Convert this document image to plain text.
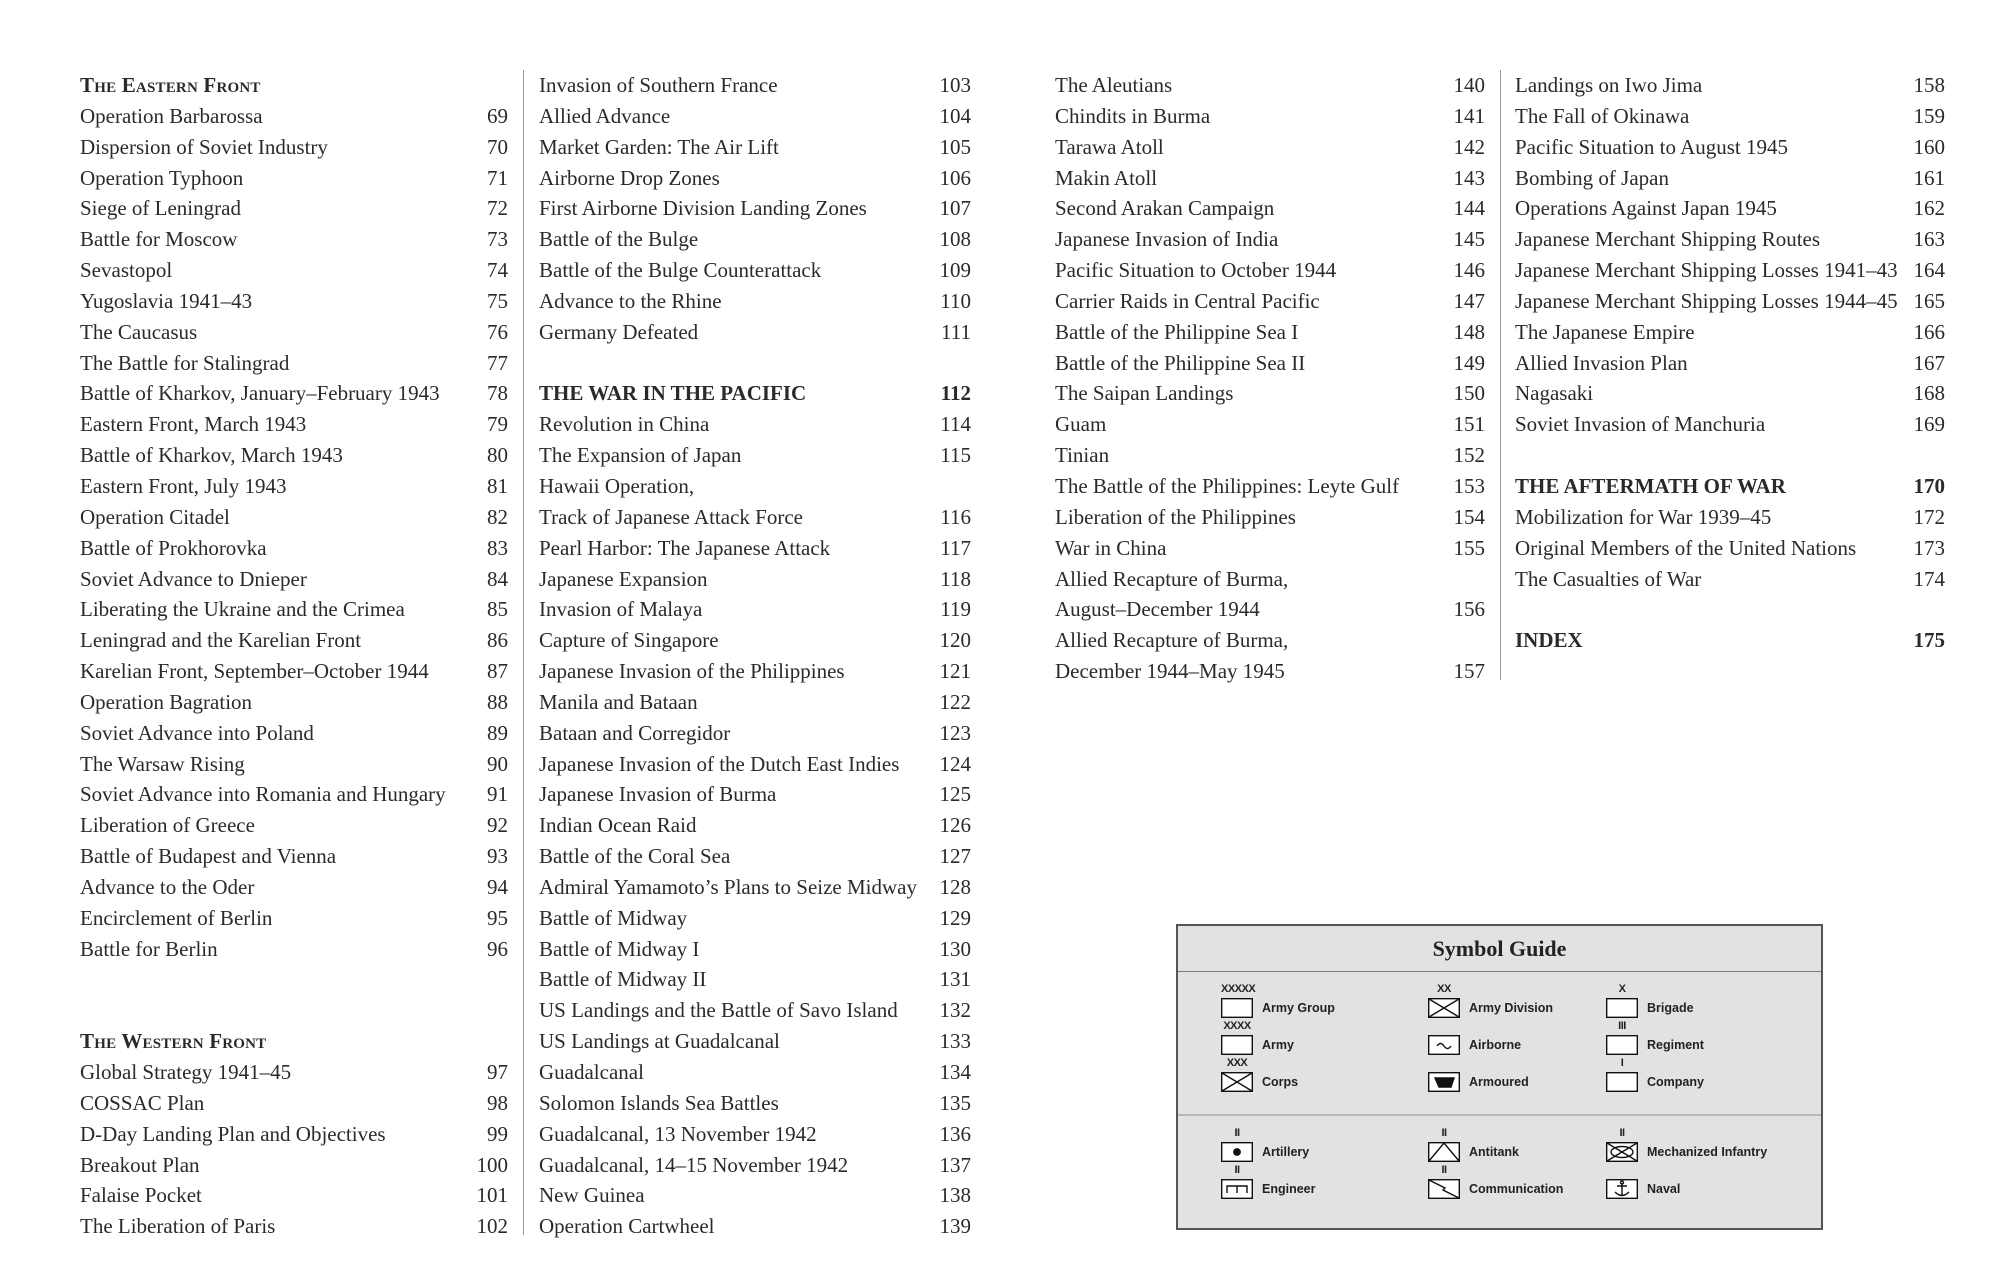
The Eastern Front
Operation Barbarossa	69
Dispersion of Soviet Industry	70
Operation Typhoon	71
Siege of Leningrad	72
Battle for Moscow	73
Sevastopol	74
Yugoslavia 1941–43	75
The Caucasus	76
The Battle for Stalingrad	77
Battle of Kharkov, January–February 1943 78
Eastern Front, March 1943	79
Battle of Kharkov, March 1943	80
Eastern Front, July 1943	81
Operation Citadel	82
Battle of Prokhorovka	83
Soviet Advance to Dnieper	84
Liberating the Ukraine and the Crimea	85
Leningrad and the Karelian Front	86
Karelian Front, September–October 1944	87
Operation Bagration	88
Soviet Advance into Poland	89
The Warsaw Rising	90
Soviet Advance into Romania and Hungary 91
Liberation of Greece	92
Battle of Budapest and Vienna	93
Advance to the Oder	94
Encirclement of Berlin	95
Battle for Berlin	96
The Western Front
Global Strategy 1941–45	97
COSSAC Plan	98
D-Day Landing Plan and Objectives	99
Breakout Plan	100
Falaise Pocket	101
The Liberation of Paris	102
Invasion of Southern France	103
Allied Advance	104
Market Garden: The Air Lift	105
Airborne Drop Zones	106
First Airborne Division Landing Zones	107
Battle of the Bulge	108
Battle of the Bulge Counterattack	109
Advance to the Rhine	110
Germany Defeated	111
THE WAR IN THE PACIFIC	112
Revolution in China	114
The Expansion of Japan	115
Hawaii Operation,
Track of Japanese Attack Force	116
Pearl Harbor: The Japanese Attack	117
Japanese Expansion	118
Invasion of Malaya	119
Capture of Singapore	120
Japanese Invasion of the Philippines	121
Manila and Bataan	122
Bataan and Corregidor	123
Japanese Invasion of the Dutch East Indies 124
Japanese Invasion of Burma	125
Indian Ocean Raid	126
Battle of the Coral Sea	127
Admiral Yamamoto’s Plans to Seize Midway 128
Battle of Midway	129
Battle of Midway I	130
Battle of Midway II	131
US Landings and the Battle of Savo Island 132
US Landings at Guadalcanal	133
Guadalcanal	134
Solomon Islands Sea Battles	135
Guadalcanal, 13 November 1942	136
Guadalcanal, 14–15 November 1942	137
New Guinea	138
Operation Cartwheel	139
The Aleutians	140
Chindits in Burma	141
Tarawa Atoll	142
Makin Atoll	143
Second Arakan Campaign	144
Japanese Invasion of India	145
Pacific Situation to October 1944	146
Carrier Raids in Central Pacific	147
Battle of the Philippine Sea I	148
Battle of the Philippine Sea II	149
The Saipan Landings	150
Guam	151
Tinian	152
The Battle of the Philippines: Leyte Gulf	153
Liberation of the Philippines	154
War in China	155
Allied Recapture of Burma,
August–December 1944	156
Allied Recapture of Burma,
December 1944–May 1945	157
Landings on Iwo Jima	158
The Fall of Okinawa	159
Pacific Situation to August 1945	160
Bombing of Japan	161
Operations Against Japan 1945	162
Japanese Merchant Shipping Routes	163
Japanese Merchant Shipping Losses 1941–43 164
Japanese Merchant Shipping Losses 1944–45 165
The Japanese Empire	166
Allied Invasion Plan	167
Nagasaki	168
Soviet Invasion of Manchuria	169
THE AFTERMATH OF WAR	170
Mobilization for War 1939–45	172
Original Members of the United Nations	173
The Casualties of War	174
INDEX	175
Symbol Guide
XXXXX
Army Group
XXXX
Army
XXX
Corps
XX
Army Division
Airborne
Armoured
X
Brigade
III
Regiment
I
Company
II
Artillery
II
Engineer
II
Antitank
II
Communication
II
Mechanized Infantry
Naval
